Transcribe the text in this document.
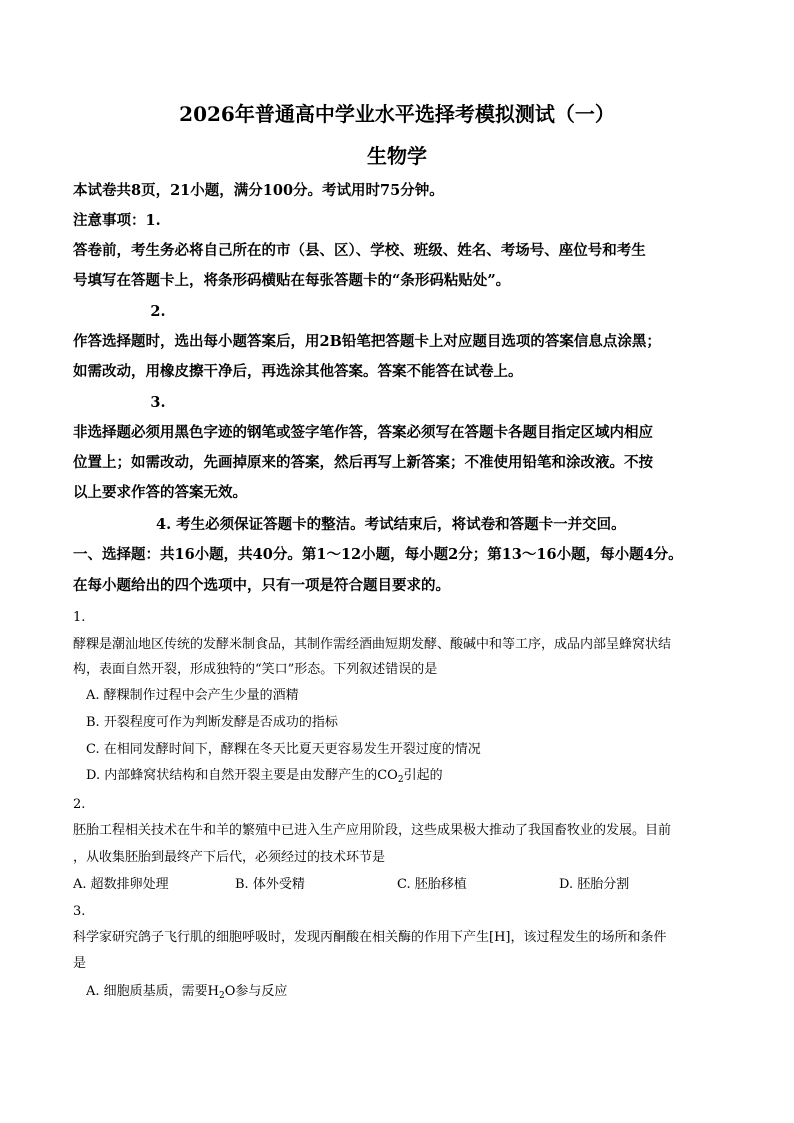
2026年普通高中学业水平选择考模拟测试（一）
生物学
本试卷共8页，21小题，满分100分。考试用时75分钟。
注意事项：1.
答卷前，考生务必将自己所在的市（县、区）、学校、班级、姓名、考场号、座位号和考生
号填写在答题卡上，将条形码横贴在每张答题卡的“条形码粘贴处”。
2.
作答选择题时，选出每小题答案后，用2B铅笔把答题卡上对应题目选项的答案信息点涂黑；
如需改动，用橡皮擦干净后，再选涂其他答案。答案不能答在试卷上。
3.
非选择题必须用黑色字迹的钢笔或签字笔作答，答案必须写在答题卡各题目指定区域内相应
位置上；如需改动，先画掉原来的答案，然后再写上新答案；不准使用铅笔和涂改液。不按
以上要求作答的答案无效。
4. 考生必须保证答题卡的整洁。考试结束后，将试卷和答题卡一并交回。
一、选择题：共16小题，共40分。第1～12小题，每小题2分；第13～16小题，每小题4分。
在每小题给出的四个选项中，只有一项是符合题目要求的。
1.
酵粿是潮汕地区传统的发酵米制食品，其制作需经酒曲短期发酵、酸碱中和等工序，成品内部呈蜂窝状结
构，表面自然开裂，形成独特的“笑口”形态。下列叙述错误的是
A. 酵粿制作过程中会产生少量的酒精
B. 开裂程度可作为判断发酵是否成功的指标
C. 在相同发酵时间下，酵粿在冬天比夏天更容易发生开裂过度的情况
D. 内部蜂窝状结构和自然开裂主要是由发酵产生的$CO_2$引起的
2.
胚胎工程相关技术在牛和羊的繁殖中已进入生产应用阶段，这些成果极大推动了我国畜牧业的发展。目前
，从收集胚胎到最终产下后代，必须经过的技术环节是
A. 超数排卵处理	B. 体外受精	C. 胚胎移植	D. 胚胎分割
3.
科学家研究鸽子飞行肌的细胞呼吸时，发现丙酮酸在相关酶的作用下产生[H]，该过程发生的场所和条件
是
A. 细胞质基质，需要$H_2O$参与反应
